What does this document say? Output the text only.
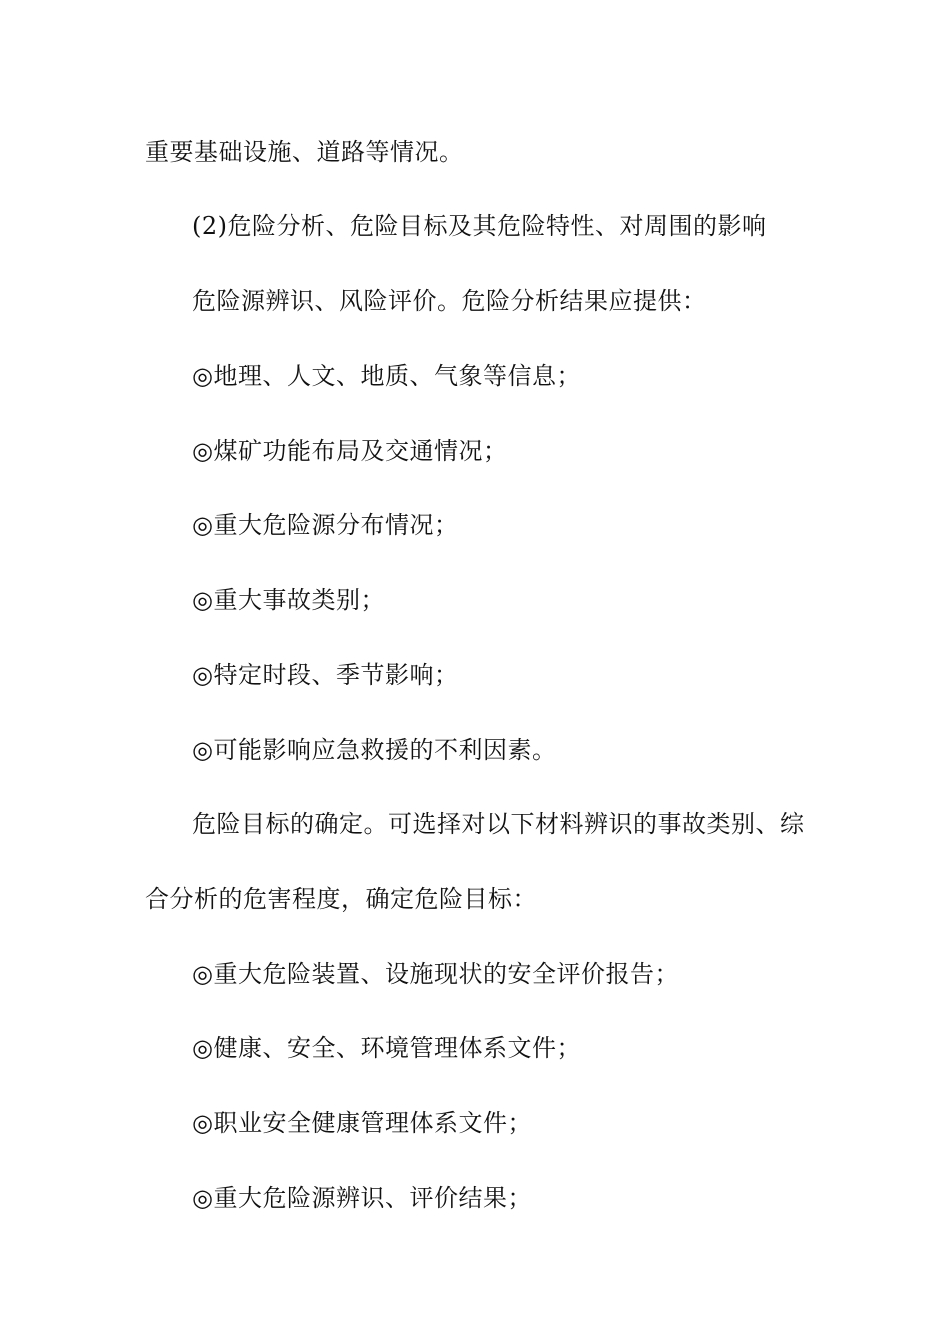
重要基础设施、道路等情况。
(2)危险分析、危险目标及其危险特性、对周围的影响
危险源辨识、风险评价。危险分析结果应提供：
◎地理、人文、地质、气象等信息；
◎煤矿功能布局及交通情况；
◎重大危险源分布情况；
◎重大事故类别；
◎特定时段、季节影响；
◎可能影响应急救援的不利因素。
危险目标的确定。可选择对以下材料辨识的事故类别、综
合分析的危害程度，确定危险目标：
◎重大危险装置、设施现状的安全评价报告；
◎健康、安全、环境管理体系文件；
◎职业安全健康管理体系文件；
◎重大危险源辨识、评价结果；
